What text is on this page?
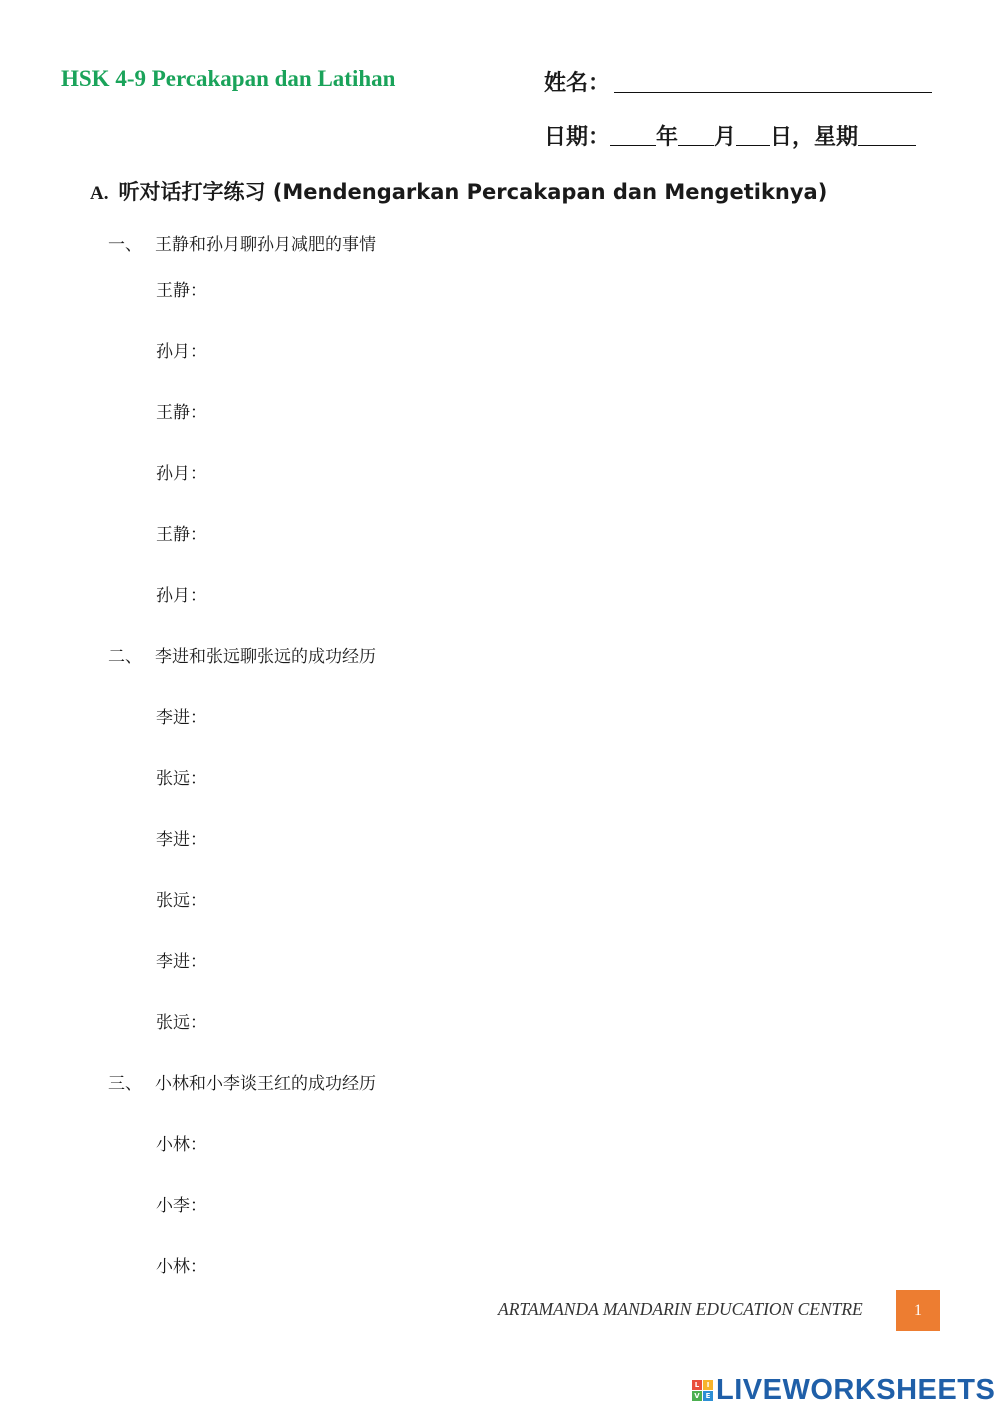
HSK 4-9 Percakapan dan Latihan	姓名：
日期： 年 月 日，星期
A. 听对话打字练习 (Mendengarkan Percakapan dan Mengetiknya)
一、 王静和孙月聊孙月减肥的事情
王静：
孙月：
王静：
孙月：
王静：
孙月：
二、 李进和张远聊张远的成功经历
李进：
张远：
李进：
张远：
李进：
张远：
三、 小林和小李谈王红的成功经历
小林：
小李：
小林：
ARTAMANDA MANDARIN EDUCATION CENTRE	1
L	I
V E LIVEWORKSHEETS
